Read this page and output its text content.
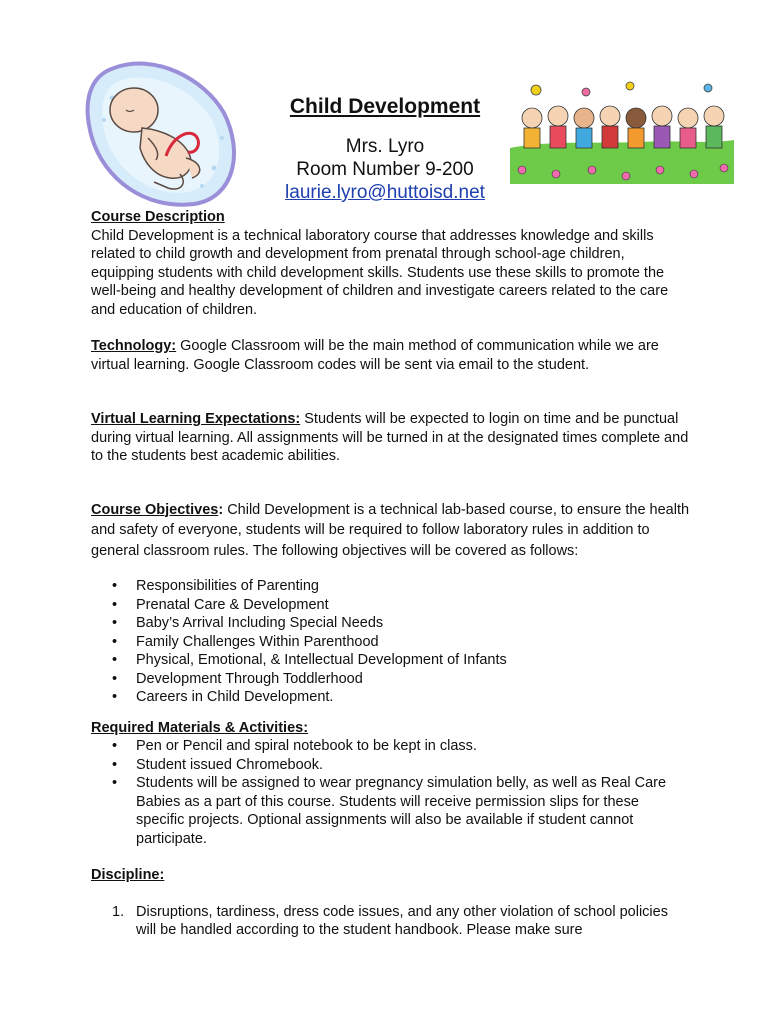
Child Development
Mrs. Lyro
Room Number 9-200
laurie.lyro@huttoisd.net
Course Description

Child Development is a technical laboratory course that addresses knowledge and skills related to child growth and development from prenatal through school-age children, equipping students with child development skills. Students use these skills to promote the well-being and healthy development of children and investigate careers related to the care and education of children.

Technology: Google Classroom will be the main method of communication while we are virtual learning. Google Classroom codes will be sent via email to the student.

Virtual Learning Expectations: Students will be expected to login on time and be punctual during virtual learning. All assignments will be turned in at the designated times complete and to the students best academic abilities.

Course Objectives: Child Development is a technical lab-based course, to ensure the health and safety of everyone, students will be required to follow laboratory rules in addition to general classroom rules. The following objectives will be covered as follows:

• Responsibilities of Parenting
• Prenatal Care & Development
• Baby’s Arrival Including Special Needs
• Family Challenges Within Parenthood
• Physical, Emotional, & Intellectual Development of Infants
• Development Through Toddlerhood
• Careers in Child Development.
Required Materials & Activities:
• Pen or Pencil and spiral notebook to be kept in class.
• Student issued Chromebook.
• Students will be assigned to wear pregnancy simulation belly, as well as Real Care Babies as a part of this course. Students will receive permission slips for these specific projects. Optional assignments will also be available if student cannot participate.
Discipline:
1. Disruptions, tardiness, dress code issues, and any other violation of school policies will be handled according to the student handbook. Please make sure
